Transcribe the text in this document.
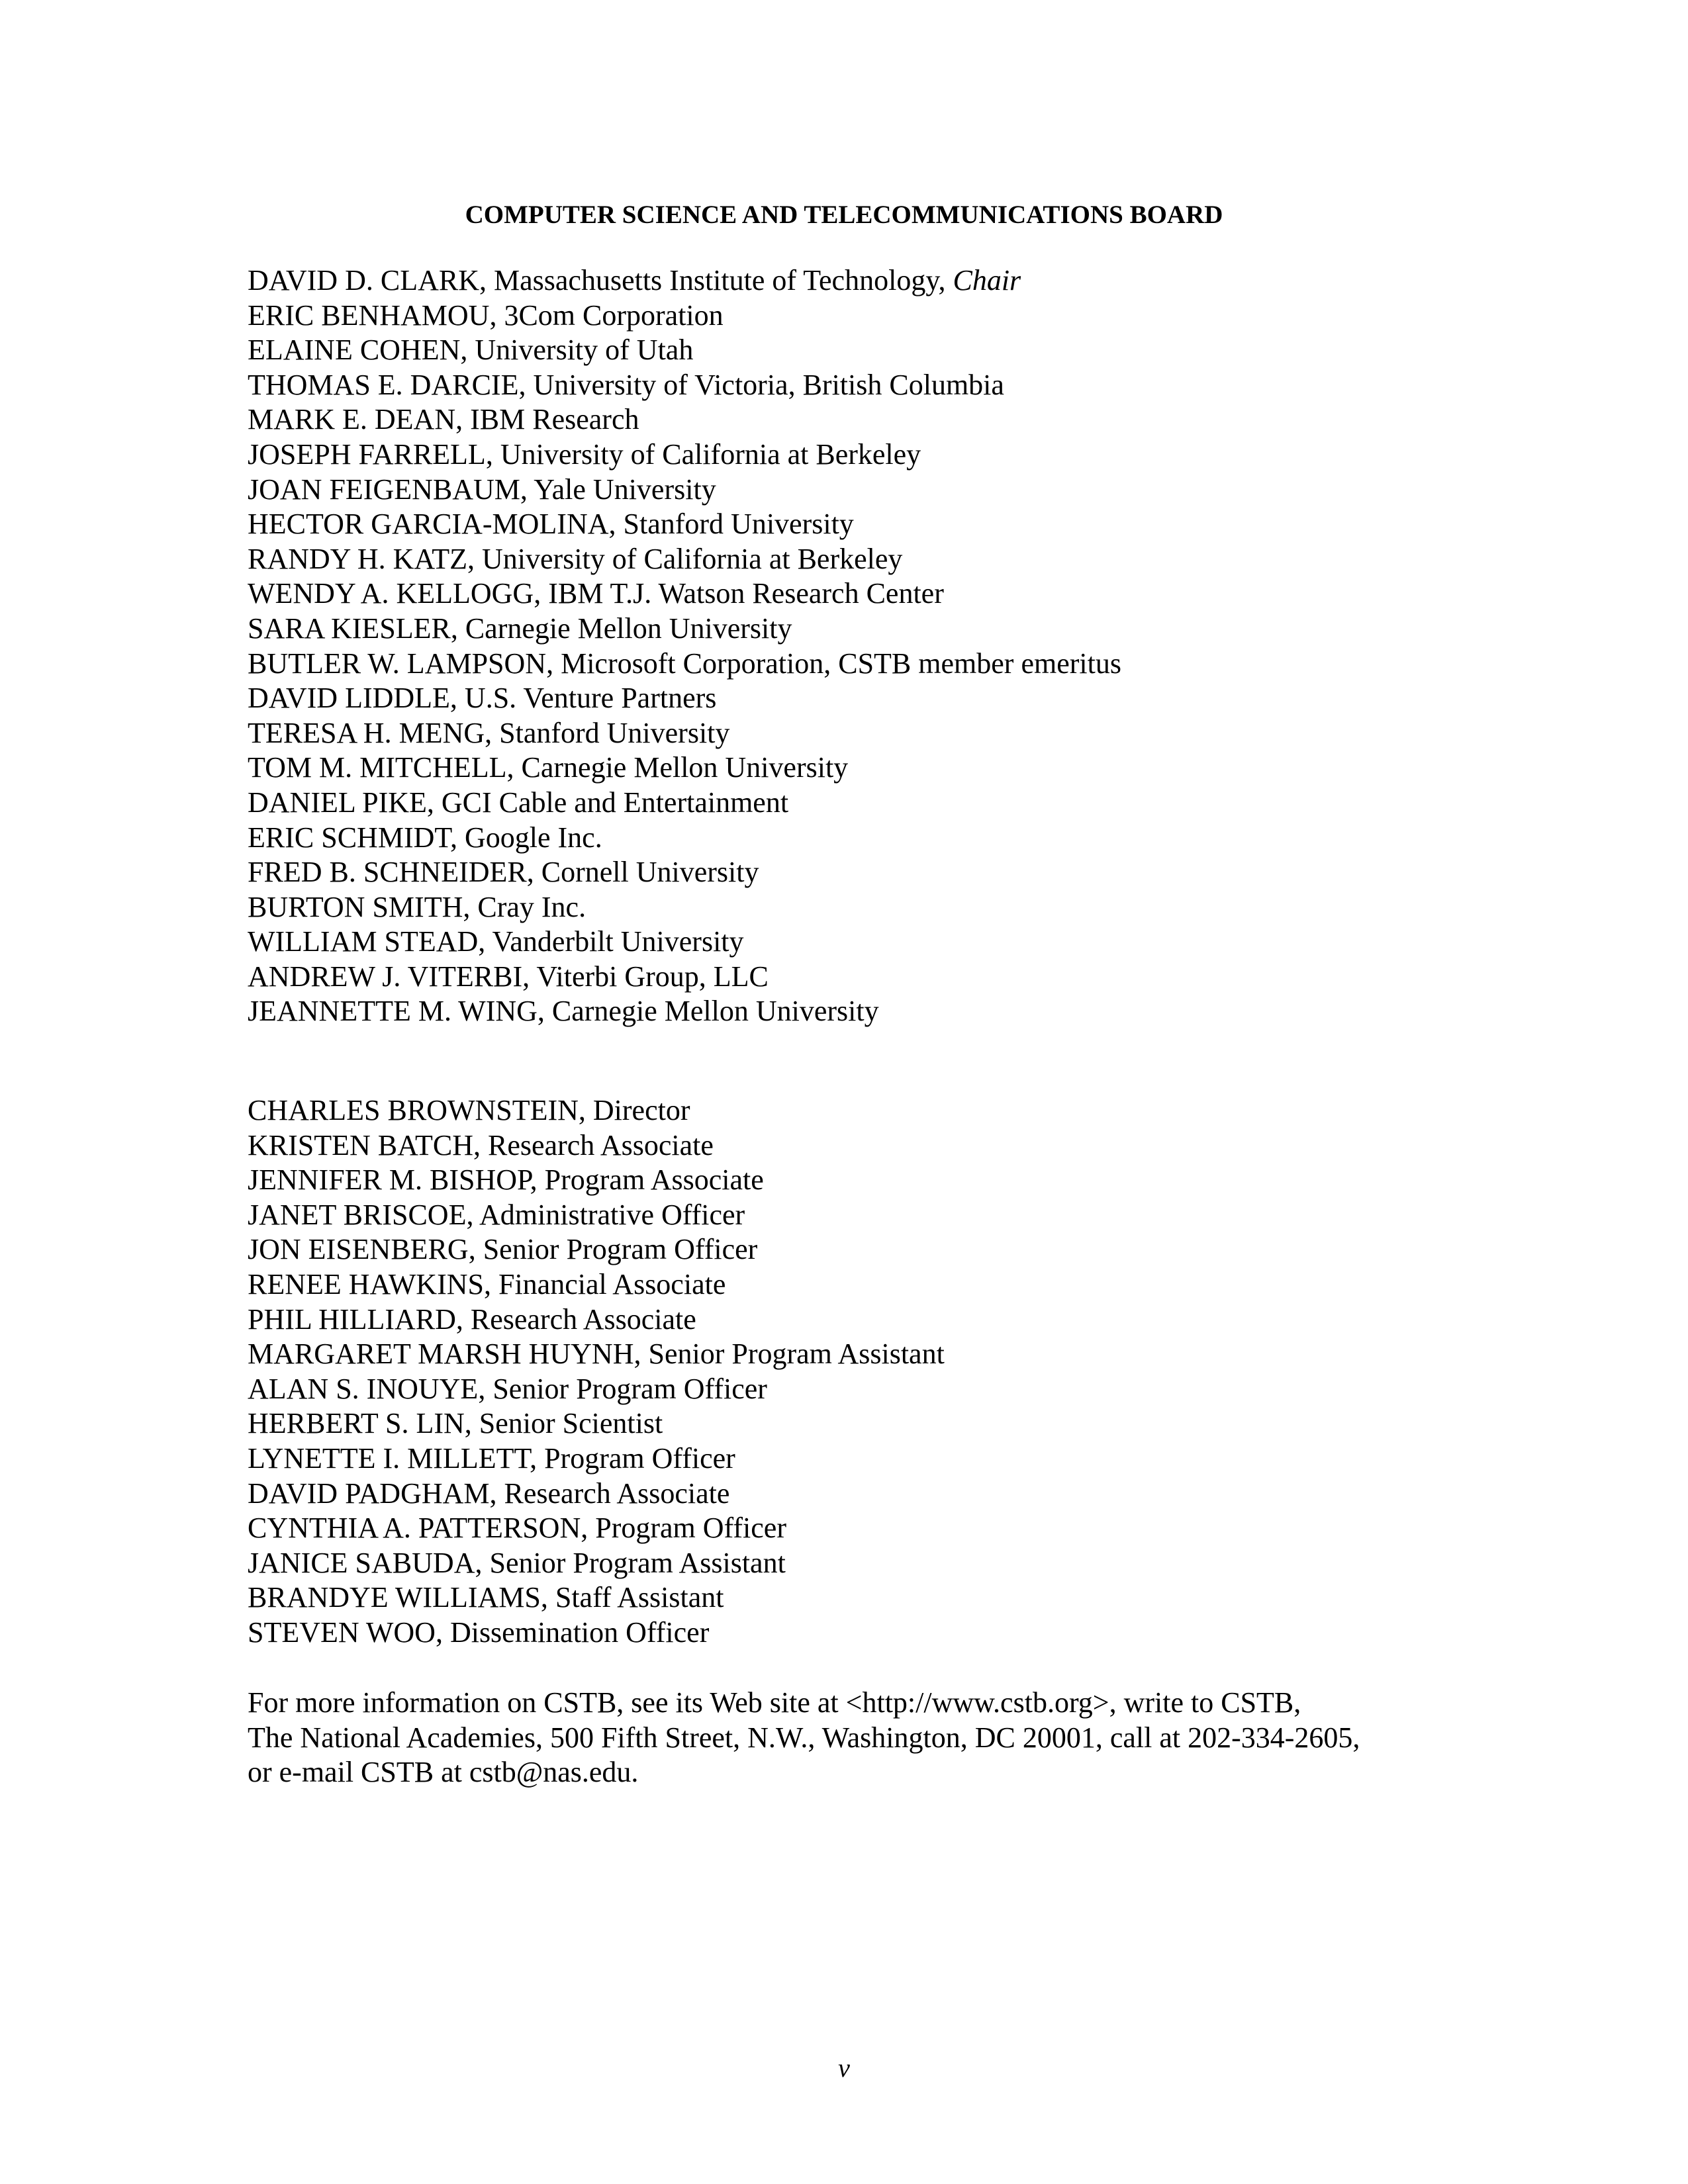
COMPUTER SCIENCE AND TELECOMMUNICATIONS BOARD
DAVID D. CLARK, Massachusetts Institute of Technology, Chair
ERIC BENHAMOU, 3Com Corporation
ELAINE COHEN, University of Utah
THOMAS E. DARCIE, University of Victoria, British Columbia
MARK E. DEAN, IBM Research
JOSEPH FARRELL, University of California at Berkeley
JOAN FEIGENBAUM, Yale University
HECTOR GARCIA-MOLINA, Stanford University
RANDY H. KATZ, University of California at Berkeley
WENDY A. KELLOGG, IBM T.J. Watson Research Center
SARA KIESLER, Carnegie Mellon University
BUTLER W. LAMPSON, Microsoft Corporation, CSTB member emeritus
DAVID LIDDLE, U.S. Venture Partners
TERESA H. MENG, Stanford University
TOM M. MITCHELL, Carnegie Mellon University
DANIEL PIKE, GCI Cable and Entertainment
ERIC SCHMIDT, Google Inc.
FRED B. SCHNEIDER, Cornell University
BURTON SMITH, Cray Inc.
WILLIAM STEAD, Vanderbilt University
ANDREW J. VITERBI, Viterbi Group, LLC
JEANNETTE M. WING, Carnegie Mellon University
CHARLES BROWNSTEIN, Director
KRISTEN BATCH, Research Associate
JENNIFER M. BISHOP, Program Associate
JANET BRISCOE, Administrative Officer
JON EISENBERG, Senior Program Officer
RENEE HAWKINS, Financial Associate
PHIL HILLIARD, Research Associate
MARGARET MARSH HUYNH, Senior Program Assistant
ALAN S. INOUYE, Senior Program Officer
HERBERT S. LIN, Senior Scientist
LYNETTE I. MILLETT, Program Officer
DAVID PADGHAM, Research Associate
CYNTHIA A. PATTERSON, Program Officer
JANICE SABUDA, Senior Program Assistant
BRANDYE WILLIAMS, Staff Assistant
STEVEN WOO, Dissemination Officer

For more information on CSTB, see its Web site at <http://www.cstb.org>, write to CSTB,
The National Academies, 500 Fifth Street, N.W., Washington, DC 20001, call at 202-334-2605,
or e-mail CSTB at cstb@nas.edu.

v
